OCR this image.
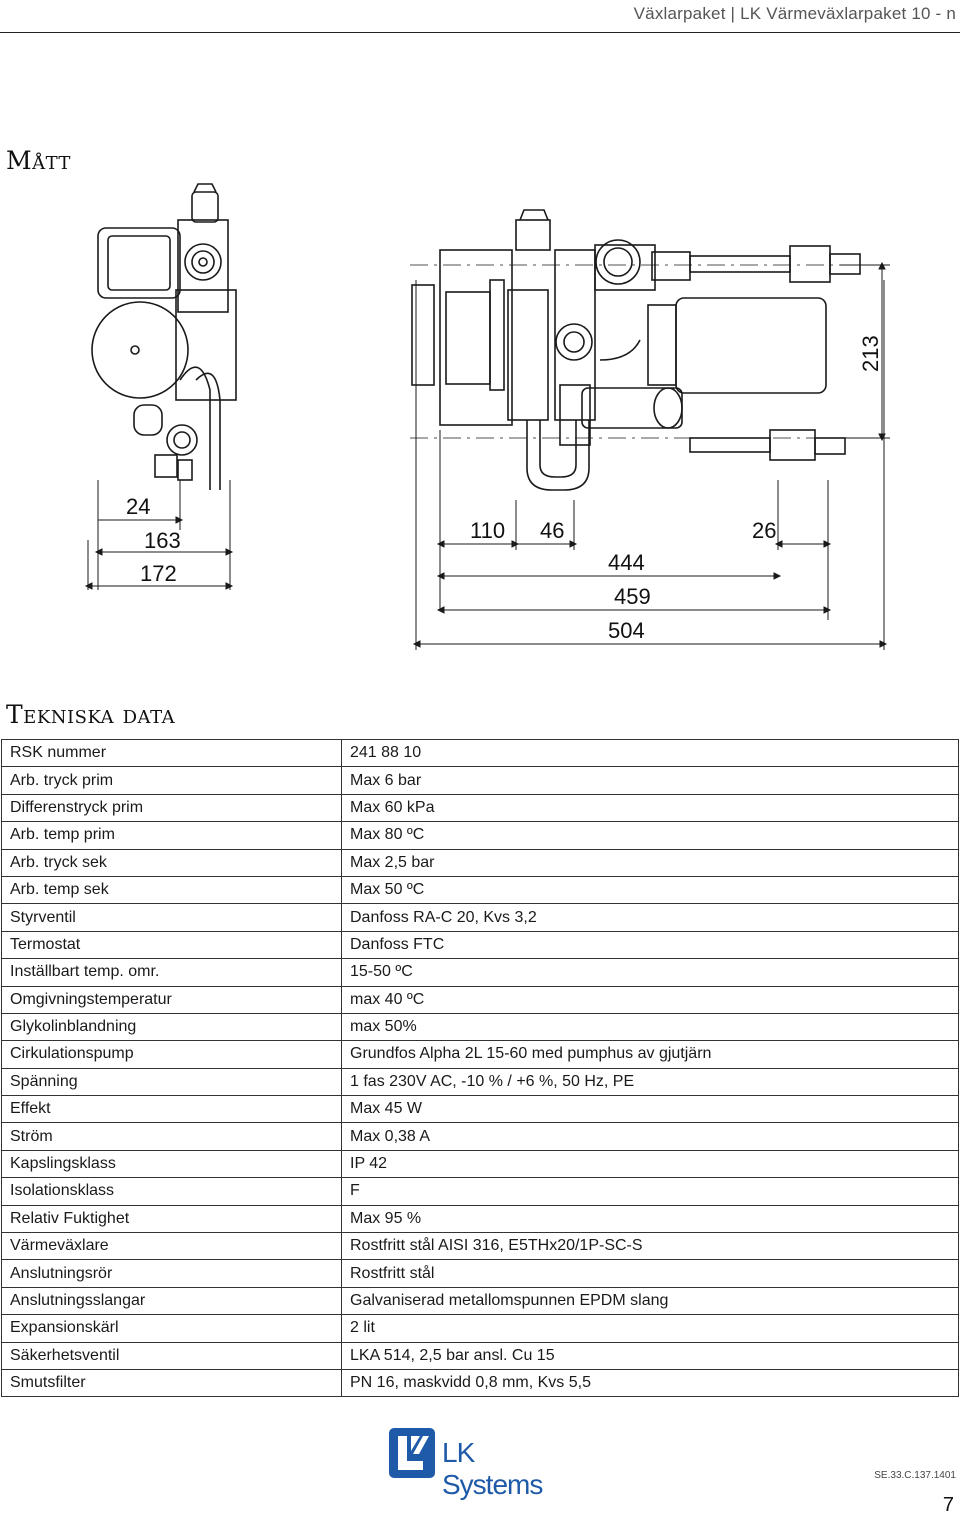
Växlarpaket | LK Värmeväxlarpaket 10 - n
Mått
24
163
172
110 46	26
444
459
504
213
Tekniska data
RSK nummer	241 88 10
Arb. tryck prim	Max 6 bar
Differenstryck prim	Max 60 kPa
Arb. temp prim	Max 80 ºC
Arb. tryck sek	Max 2,5 bar
Arb. temp sek	Max 50 ºC
Styrventil	Danfoss RA-C 20, Kvs 3,2
Termostat	Danfoss FTC
Inställbart temp. omr.	15-50 ºC
Omgivningstemperatur	max 40 ºC
Glykolinblandning	max 50%
Cirkulationspump	Grundfos Alpha 2L 15-60 med pumphus av gjutjärn
Spänning	1 fas 230V AC, -10 % / +6 %, 50 Hz, PE
Effekt	Max 45 W
Ström	Max 0,38 A
Kapslingsklass	IP 42
Isolationsklass	F
Relativ Fuktighet	Max 95 %
Värmeväxlare	Rostfritt stål AISI 316, E5THx20/1P-SC-S
Anslutningsrör	Rostfritt stål
Anslutningsslangar	Galvaniserad metallomspunnen EPDM slang
Expansionskärl	2 lit
Säkerhetsventil	LKA 514, 2,5 bar ansl. Cu 15
Smutsfilter	PN 16, maskvidd 0,8 mm, Kvs 5,5
LK Systems	SE.33.C.137.1401
7
